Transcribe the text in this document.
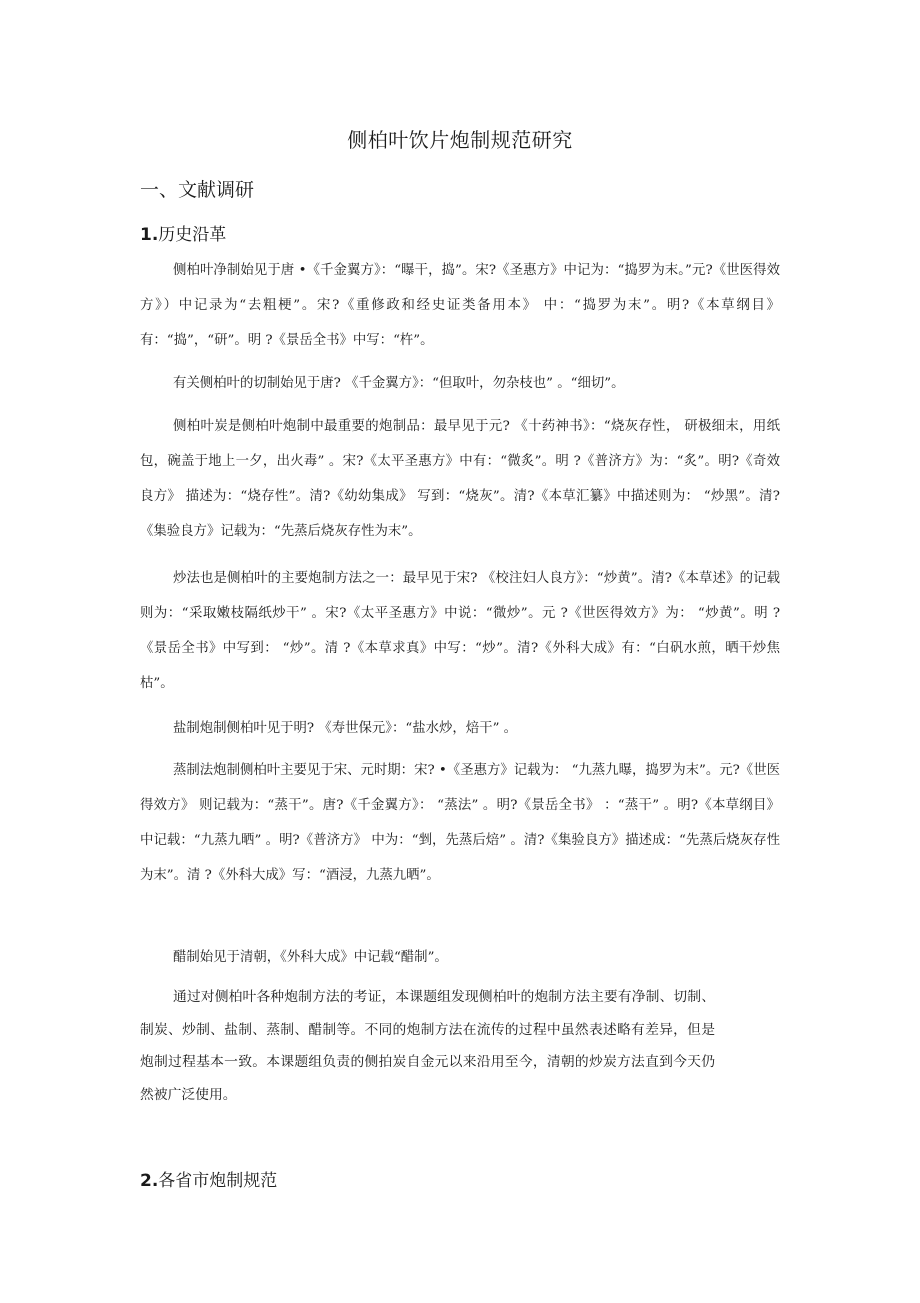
侧柏叶饮片炮制规范研究
一、文献调研
1.历史沿革

侧柏叶净制始见于唐 •《千金翼方》：“曝干，捣”。宋?《圣惠方》中记为：“捣罗为末。”元?《世医得效方》）中记录为“去粗梗”。宋?《重修政和经史证类备用本》 中：“捣罗为末”。明?《本草纲目》有：“捣”，“研”。明 ?《景岳全书》中写：“杵”。

有关侧柏叶的切制始见于唐? 《千金翼方》：“但取叶，勿杂枝也” 。“细切”。

侧柏叶炭是侧柏叶炮制中最重要的炮制品：最早见于元? 《十药神书》：“烧灰存性， 研极细末，用纸包，碗盖于地上一夕，出火毒” 。宋?《太平圣惠方》中有：“微炙”。明 ?《普济方》为：“炙”。明?《奇效良方》 描述为：“烧存性”。清?《幼幼集成》 写到：“烧灰”。清?《本草汇纂》中描述则为： “炒黑”。清?《集验良方》记载为：“先蒸后烧灰存性为末”。

炒法也是侧柏叶的主要炮制方法之一：最早见于宋? 《校注妇人良方》：“炒黄”。清?《本草述》的记载则为：“采取嫩枝隔纸炒干” 。宋?《太平圣惠方》中说：“微炒”。元 ?《世医得效方》为： “炒黄”。明 ?《景岳全书》中写到： “炒”。清 ?《本草求真》中写：“炒”。清?《外科大成》有：“白矾水煎，晒干炒焦枯”。

盐制炮制侧柏叶见于明? 《寿世保元》：“盐水炒，焙干” 。

蒸制法炮制侧柏叶主要见于宋、元时期：宋? •《圣惠方》记载为： “九蒸九曝，捣罗为末”。元?《世医得效方》 则记载为：“蒸干”。唐?《千金翼方》： “蒸法” 。明?《景岳全书》 ：“蒸干” 。明?《本草纲目》 中记载：“九蒸九晒” 。明?《普济方》 中为：“剉，先蒸后焙” 。清?《集验良方》描述成：“先蒸后烧灰存性为末”。清 ?《外科大成》写：“酒浸，九蒸九晒”。

醋制始见于清朝，《外科大成》中记载“醋制”。

通过对侧柏叶各种炮制方法的考证，本课题组发现侧柏叶的炮制方法主要有净制、切制、制炭、炒制、盐制、蒸制、醋制等。不同的炮制方法在流传的过程中虽然表述略有差异，但是炮制过程基本一致。本课题组负责的侧拍炭自金元以来沿用至今，清朝的炒炭方法直到今天仍然被广泛使用。

2.各省市炮制规范
